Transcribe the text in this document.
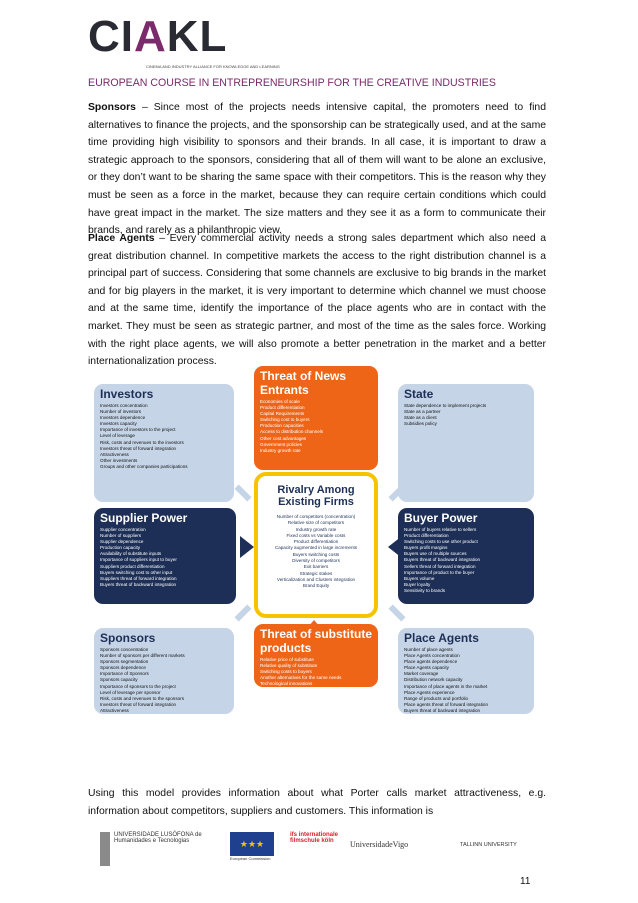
CIAKL
CINEMA AND INDUSTRY ALLIANCE FOR KNOWLEDGE AND LEARNING
EUROPEAN COURSE IN ENTREPRENEURSHIP FOR THE CREATIVE INDUSTRIES
Sponsors – Since most of the projects needs intensive capital, the promoters need to find alternatives to finance the projects, and the sponsorship can be strategically used, and at the same time providing high visibility to sponsors and their brands. In all case, it is important to draw a strategic approach to the sponsors, considering that all of them will want to be alone an exclusive, or they don’t want to be sharing the same space with their competitors. This is the reason why they must be seen as a force in the market, because they can require certain conditions which could have great impact in the market. The size matters and they see it as a form to communicate their brands, and rarely as a philanthropic view.
Place Agents – Every commercial activity needs a strong sales department which also need a great distribution channel. In competitive markets the access to the right distribution channel is a principal part of success. Considering that some channels are exclusive to big brands in the market and for big players in the market, it is very important to determine which channel we must choose and at the same time, identify the importance of the place agents who are in contact with the market. They must be seen as strategic partner, and most of the time as the sales force. Working with the right place agents, we will also promote a better penetration in the market and a better internationalization process.
Investors
Investors concentration
Number of investors
Investors dependence
Investors capacity
Importance of investors to the project
Level of leverage
Risk, costs and revenues to the investors
Investors threat of forward integration
Attractiveness
Other investments
Groups and other companies participations
Threat of News Entrants
Economies of scale
Product differentiation
Capital Requirements
Switching cost to buyers
Production capacities
Access to distribution channels
Other cost advantages
Government policies
Industry growth rate
State
State dependence to implement projects
State as a partner
State as a client
Subsidies policy
Supplier Power
Supplier concentration
Number of suppliers
Supplier dependence
Production capacity
Availability of substitute inputs
Importance of suppliers input to buyer
Suppliers product differentiation
Buyers switching cost to other input
Suppliers threat of forward integration
Buyers threat of backward integration
Rivalry Among Existing Firms
Number of competitors (concentration)
Relative size of competitors
Industry growth rate
Fixed costs vs Variable costs
Product differentiation
Capacity augmented in large increments
Buyers switching costs
Diversity of competitors
Exit barriers
Strategic stakes
Verticalization and Clusters integration
Brand Equity
Buyer Power
Number of buyers relative to sellers
Product differentiation
Switching costs to use other product
Buyers profit margins
Buyers use of multiple sources
Buyers threat of backward integration
Sellers threat of forward integration
Importance of product to the buyer
Buyers volume
Buyer loyalty
Sensitivity to brands
Sponsors
Sponsors concentration
Number of sponsors per different markets
Sponsors segmentation
Sponsors dependence
Importance of Sponsors
Sponsors capacity
Importance of sponsors to the project
Level of leverage per sponsor
Risk, costs and revenues to the sponsors
Investors threat of forward integration
Attractiveness
Threat of substitute products
Relative price of substitute
Relative quality of substitute
Switching costs to buyers
Another alternatives for the same needs
Technological innovations
Place Agents
Number of place agents
Place Agents concentration
Place agents dependence
Place Agents capacity
Market coverage
Distribution network capacity
Importance of place agents in the market
Place Agents experience
Range of products and portfolio
Place agents threat of forward integration
Buyers threat of backward integration
Using this model provides information about what Porter calls market attractiveness, e.g. information about competitors, suppliers and customers. This information is
UNIVERSIDADE LUSÓFONA de Humanidades e Tecnologias	★★★
European Commission
ifs internationale filmschule köln	UniversidadeVigo	TALLINN UNIVERSITY
11
